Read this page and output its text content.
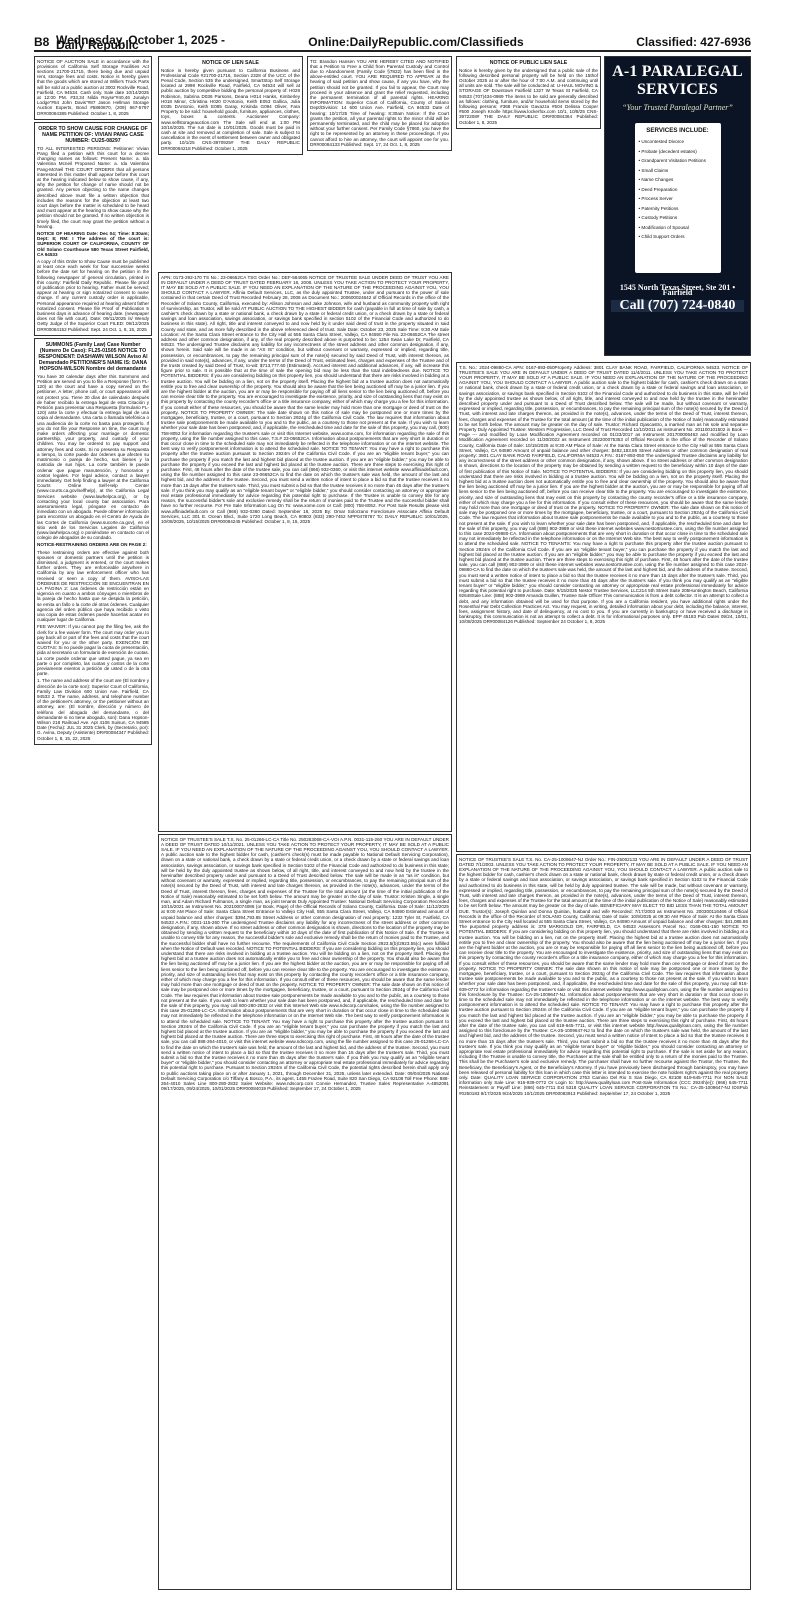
B8 Wednesday, October 1, 2025 - Daily Republic	Online:DailyRepublic.com/Classifieds	Classified: 427-6936

NOTICE OF AUCTION SALE in accordance with the provisions of California Self Storage Facilities Act sections 21700-21715, there being due and unpaid rent, storage fees and costs. Notice is hereby given that the goods which are stored at Willie's Truck Parts will be sold at a public auction at 3002 Rockville Road, Fairfield, CA 94534. Cash only. Sale date 10/14/2025 at 12:00 PM. #33,34 Nilda Royse"#40,46 Junalyn Lodge"#54 John Davis"#87 Jason Hellman Storage Auction Experts, Bond #5860870, (209) 667-5797 DR#00084385 Published: October 1, 8, 2025

ORDER TO SHOW CAUSE FOR CHANGE OF NAME PETITION OF: VIVIAN PANG CASE NUMBER: CU25-08297

TO ALL INTERESTED PERSONS: Petitioner: Vivian Pang filed a petition with this court for a decree changing names as follows: Present Name: a. Ida Valentina Mcneil Proposed Name: a. Ida Valentina Pang-McNeil THE COURT ORDERS that all persons interested in this matter shall appear before this court at the hearing indicated below to show cause, if any, why the petition for change of name should not be granted. Any person objecting to the name changes described above must file a written objection that includes the reasons for the objection at least two court days before the matter is scheduled to be heard and must appear at the hearing to show cause why the petition should not be granted. If no written objection is timely filed, the court may grant the petition without a hearing.

NOTICE OF HEARING Date: Dec 04; Time: 8:30am; Dept: 8; RM: I The address of the court is: SUPERIOR COURT OF CALIFORNIA, COUNTY OF Old Solano Courthouse 580 Texas Street Fairfield, CA 94533

A copy of this Order to Show Cause must be published at least once each week for four successive weeks before the date set for hearing on the petition in the following newspaper of general circulation, printed in this county: Fairfield Daily Republic. Please file proof of publication prior to hearing. Father must be served; appear at hearing or sign notarized consent to name change. If any current custody order is applicable, Personal appearance required at hearing absent father notarized consent. Please file Proof of Publication 5 business days in advance of hearing date. (newspaper does not file with court). Date: 09/11/2025 /s/ Wendy Getty Judge of the Superior Court FILED: 09/12/2025 DR#00084152 Published: Sept. 24 Oct. 1, 8, 15, 2025

SUMMONS (Family Law) Case Number (Numero De Caso): FL25-01505 NOTICE TO RESPONDENT: DASHAWN WILSON Aviso Al Demandado PETITIONER'S NAME IS: DANA HOPSON-WILSON Nombre del demandante

You have 30 calendar days after this Summons and Petition are served on you to file a Response (form FL-120) at the court and have a copy served on the petitioner. A letter, phone call, or court appearance will not protect you. Tiene 30 días de calendario después de haber recibido la entrega legal de esta Citación y Petición para presentar una Respuesta (formulario FL-120) ante la corte y efectuar la entrega legal de una copia al demandante. Una carta o llamada telefónica o una audiencia de la corte no basta para protegerlo. If you do not file your Response on time, the court may make orders affecting your marriage or domestic partnership, your property, and custody of your children. You may be ordered to pay support and attorney fees and costs. Si no presenta su Respuesta a tiempo, la corte puede dar órdenes que afecten su matrimonio o pareja de hecho, sus bienes y la custodia de sus hijos. La corte también le puede ordenar que pague manutención, y honorarios y costos legales. For legal advice, contact a lawyer immediately. Get help finding a lawyer at the California Courts Online Self-Help Center (www.courts.ca.gov/selfhelp), at the California Legal Services website (www.lawhelpca.org), or by contacting your local county bar association. Para asesoramiento legal, póngase en contacto de inmediato con un abogado. Puede obtener información para encontrar un abogado en el Centro de Ayuda de las Cortes de California (www.sucorte.ca.gov), en el sitio web de los Servicios Legales de California (www.lawhelpca.org) o poniéndose en contacto con el colegio de abogados de su condado.

NOTICE-RESTRAINING ORDERS ARE ON PAGE 2:

These restraining orders are effective against both spouses or domestic partners until the petition is dismissed, a judgment is entered, or the court makes further orders. They are enforceable anywhere in California by any law enforcement officer who has received or seen a copy of them. AVISO-LAS ÓRDENES DE RESTRICCIÓN SE ENCUENTRAN EN LA PÁGINA 2: Las órdenes de restricción están en vigencia en cuanto a ambos cónyuges o miembros de la pareja de hecho hasta que se despida la petición, se emita un fallo o la corte dé otras órdenes. Cualquier agencia del orden público que haya recibido o visto una copia de estas órdenes puede hacerlas acatar en cualquier lugar de California.

FEE WAIVER: If you cannot pay the filing fee, ask the clerk for a fee waiver form. The court may order you to pay back all or part of the fees and costs that the court waived for you or the other party. EXENCIÓN DE CUOTAS: Si no puede pagar la cuota de presentación, pida al secretario un formulario de exención de cuotas. La corte puede ordenar que usted pague, ya sea en parte o por completo, las cuotas y costos de la corte previamente exentos a petición de usted o de la otra parte.

1. The name and address of the court are (El nombre y dirección de la corte son): Superior Court of California, Family Law Division 600 Union Ave. Fairfield, CA 94533 2. The name, address, and telephone number of the petitioner's attorney, or the petitioner without an attorney, are: (El nombre, dirección y número de teléfono del abogado del demandante, o del demandante si no tiene abogado, son): Dana Hopson-Wilson 218 Railroad Ave. Apt 4106 Suisun, CA 94585 Date (Fecha): JUL 31 2025 Clerk, by (Secretario, por): G. Avina, Deputy (Asistente) DR#00084347 Published: October 1, 8, 15, 22, 2025

NOTICE OF LIEN SALE

Notice is hereby given pursuant to California Business and Professional Code #21700-21716, Section 2328 of the UCC of the Penal Code, Section 535 the undersigned, SmartStop Self Storage located at 2998 Rockville Road, Fairfield, CA 94534 will sell at public auction by competitive bidding the personal property of: H028 Robinson, Sabrina D036 Parsons, Deana H014 Hanks, Kimberley H018 Minor, Christina H020 D'Antonio, Keith E053 Gallica, Julia E035 DAntonio, Keith E085 Garay, Krisinda G094 Oliver, Fara Property to be sold: household goods, furniture, appliances, clothes, toys, boxes & contents. Auctioneer Company: www.selfstorageauction.com The Sale will end at 1:00 PM 10/16/2025. The run date is 10/01/2025. Goods must be paid in cash at site and removed at completion of sale. Sale is subject to cancellation in the event of settlement between owner and obligated party. 10/1/25 CNS-3970925# THE DAILY REPUBLIC DR#00084218 Published: October 1, 2025

TO: Brandon Hansen YOU ARE HEREBY CITED AND NOTIFIED that a Petition to Free a Child from Parental Custody and Control due to Abandonment (Family Code §7822) has been filed in the above-entitled court. YOU ARE REQUIRED TO APPEAR at the hearing of said petition and show cause, if any you have, why the petition should not be granted. If you fail to appear, the Court may proceed in your absence and grant the relief requested, including the permanent termination of all parental rights. HEARING INFORMATION: Superior Court of California, County of Solano Dept/Division: 14 600 Union Ave. Fairfield, CA 94533 Date of hearing: 10/17/25 Time of hearing: 8:30am Notice: If the Court grants the petition, all your parental rights to the minor child will be permanently terminated, and the child may be placed for adoption without your further consent. Per Family Code §7860, you have the right to be represented by an attorney in these proceedings. If you cannot afford to hire an attorney, the court will appoint one for you. DR#00084133 Published: Sept. 17, 24 Oct. 1, 8, 2025

NOTICE OF PUBLIC LIEN SALE

Notice is hereby given by the undersigned that a public sale of the following described personal property will be held on the 15thof October 2025 at or after the hour of 7:00 A.M. and continuing until all units are sold. The sale will be conducted at: U-HAUL MOVING & STORAGE OF Downtown Fairfield 1327 W Texas St Fairfield, CA 94533 (707)434-0989 The items to be sold are generally described as follows: clothing, furniture, and/or household items stored by the following persons: #368 Francis Gavazza #504 Delissa Cooper #500 Joseph Knolle https://www.lockerfox.com 10/1, 10/8/25 CNS-3972208# THE DAILY REPUBLIC DR#00084364 Published: October 1, 8, 2025

A-1 PARALEGAL SERVICES
“Your Trusted Paralegal Partner”
SERVICES INCLUDE:
• Uncontested Divorce
• Probate (decedent estates)
• Grandparent Visitation Petitions
• Small Claims
• Name Changes
• Deed Preparation
• Process Server
• Paternity Petitions
• Custody Petitions
• Modification of Spousal
• Child Support Orders
1545 North Texas Street, Ste 201 • Fairfield
Call (707) 724-0840

APN: 0173-292-170 TS No.: 23-06652CA TSG Order No.: DEF-584065 NOTICE OF TRUSTEE SALE UNDER DEED OF TRUST YOU ARE IN DEFAULT UNDER A DEED OF TRUST DATED FEBRUARY 16, 2006. UNLESS YOU TAKE ACTION TO PROTECT YOUR PROPERTY, IT MAY BE SOLD AT A PUBLIC SALE. IF YOU NEED AN EXPLANATION OF THE NATURE OF THE PROCEEDING AGAINST YOU, YOU SHOULD CONTACT A LAWYER. Affinia Default Services, LLC, as the duly appointed Trustee, under and pursuant to the power of sale contained in that certain Deed of Trust Recorded February 28, 2006 as Document No.: 200600024642 of Official Records in the office of the Recorder of Solano County, California, executed by: Allison Johnson and Jake Johnson, wife and husband as community property with right of survivorship, as Trustor, will be sold AT PUBLIC AUCTION TO THE HIGHEST BIDDER for cash (payable in full at time of sale by cash, a cashier's check drawn by a state or national bank, a check drawn by a state or federal credit union, or a check drawn by a state or federal savings and loan association, savings association, or savings bank specified in section 5102 of the Financial Code and authorized to do business in this state). All right, title and interest conveyed to and now held by it under said deed of trust in the property situated in said County and state, and as more fully described in the above referenced deed of trust. Sale Date: October 23, 2025 Sale Time: 9:30 AM Sale Location: At the Santa Clara Street entrance to the City Hall at 555 Santa Clara Street, Vallejo, CA 94590 File No.:23-06652CA The street address and other common designation, if any, of the real property described above is purported to be: 1254 Swan Lake Dr, Fairfield, CA 94533. The undersigned Trustee disclaims any liability for any incorrectness of the street address and other common designation, if any, shown herein. Said sale will be made in an "AS IS" condition, but without covenant or warranty, expressed or implied, regarding title, possession, or encumbrances, to pay the remaining principal sum of the note(s) secured by said Deed of Trust, with interest thereon, as provided in said note(s), advances, if any, under the terms of the Deed of Trust, estimated fees, charges and expenses of the Trustee and of the trusts created by said Deed of Trust, to-wit: $713,777.60 (Estimated). Accrued interest and additional advances, if any, will increase this figure prior to sale. It is possible that at the time of sale the opening bid may be less than the total indebtedness due. NOTICE TO POTENTIAL BIDDERS: If you are considering bidding on this property lien, you should understand that there are risks involved in bidding at a trustee auction. You will be bidding on a lien, not on the property itself. Placing the highest bid at a trustee auction does not automatically entitle you to free and clear ownership of the property. You should also be aware that the lien being auctioned off may be a junior lien. If you are the highest bidder at the auction, you are or may be responsible for paying off all liens senior to the lien being auctioned off, before you can receive clear title to the property. You are encouraged to investigate the existence, priority, and size of outstanding liens that may exist on this property by contacting the county recorder's office or a title insurance company, either of which may charge you a fee for this information. If you consult either of these resources, you should be aware that the same lender may hold more than one mortgage or deed of trust on the property. NOTICE TO PROPERTY OWNER: The sale date shown on this notice of sale may be postponed one or more times by the mortgagee, beneficiary, trustee, or a court, pursuant to Section 2924g of the California Civil Code. The law requires that information about trustee sale postponements be made available to you and to the public, as a courtesy to those not present at the sale. If you wish to learn whether your sale date has been postponed, and, if applicable, the rescheduled time and date for the sale of this property, you may call, (800) 758-8052 for information regarding the trustee's sale or visit this Internet website, www.xome.com, for information regarding the sale of this property, using the file number assigned to this case, T.S.# 23-06652CA. Information about postponements that are very short in duration or that occur close in time to the scheduled sale may not immediately be reflected in the telephone information or on the internet website. The best way to verify postponement information is to attend the scheduled sale. NOTICE TO TENANT: You may have a right to purchase this property after the trustee auction pursuant to Section 2924m of the California Civil Code. If you are an "eligible tenant buyer," you can purchase the property if you match the last and highest bid placed at the trustee auction. If you are an "eligible bidder," you may be able to purchase the property if you exceed the last and highest bid placed at the trustee auction. There are three steps to exercising this right of purchase. First, 48 hours after the date of the trustee sale, you can call (866) 932-0360, or visit this internet website www.affiniadefault.com, using the file number assigned to this case 23-06652CA to find the date on which the trustee's sale was held, the amount of the last and highest bid, and the address of the trustee. Second, you must send a written notice of intent to place a bid so that the trustee receives it no more than 15 days after the trustee's sale. Third, you must submit a bid so that the trustee receives it no more than 45 days after the trustee's sale. If you think you may qualify as an "eligible tenant buyer" or "eligible bidder," you should consider contacting an attorney or appropriate real estate professional immediately for advice regarding this potential right to purchase. If the Trustee is unable to convey title for any reason, the successful bidder's sole and exclusive remedy shall be the return of monies paid to the Trustee and the successful bidder shall have no further recourse. For Pre Sale Information Log On To: www.xome.com or Call: (800) 758-8052. For Post Sale Results please visit www.affiniadefault.com or Call (866) 932-0360 Dated: September 16, 2025 By: Omar Solorzano Foreclosure Associate Affinia Default Services, LLC 301 E. Ocean Blvd., Suite 1720 Long Beach, CA 90802 (833) 290-7452 NPP0478787 To: DAILY REPUBLIC 10/01/2025, 10/08/2025, 10/15/2025 DR#00084245 Published: October 1, 8, 15, 2025

NOTICE OF TRUSTEE'S SALE T.S. No. 25-01266-LC-CA Title No. 250263068-CA-VOI A.P.N. 0031-115-260 YOU ARE IN DEFAULT UNDER A DEED OF TRUST DATED 10/11/2021. UNLESS YOU TAKE ACTION TO PROTECT YOUR PROPERTY, IT MAY BE SOLD AT A PUBLIC SALE. IF YOU NEED AN EXPLANATION OF THE NATURE OF THE PROCEEDING AGAINST YOU, YOU SHOULD CONTACT A LAWYER. A public auction sale to the highest bidder for cash, (cashier's check(s) must be made payable to National Default Servicing Corporation), drawn on a state or national bank, a check drawn by a state or federal credit union, or a check drawn by a state or federal savings and loan association, savings association, or savings bank specified in Section 5102 of the Financial Code and authorized to do business in this state; will be held by the duly appointed trustee as shown below, of all right, title, and interest conveyed to and now held by the trustee in the hereinafter described property under and pursuant to a Deed of Trust described below. The sale will be made in an "as is" condition, but without covenant or warranty, expressed or implied, regarding title, possession, or encumbrances, to pay the remaining principal sum of the note(s) secured by the Deed of Trust, with interest and late charges thereon, as provided in the note(s), advances, under the terms of the Deed of Trust, interest thereon, fees, charges and expenses of the Trustee for the total amount (at the time of the initial publication of the Notice of Sale) reasonably estimated to be set forth below. The amount may be greater on the day of sale. Trustor: Kristen Single, a single man, and Adam Richard Fulmanos, a single man, as joint tenants Duly Appointed Trustee: National Default Servicing Corporation Recorded 10/15/2021 as Instrument No. 202100074086 (or Book, Page) of the Official Records of Solano County, California. Date of Sale: 11/12/2025 at 9:00 AM Place of Sale: Santa Clara Street Entrance to Vallejo City Hall, 555 Santa Clara Street, Vallejo, CA 94590 Estimated amount of unpaid balance and other charges: $394,793.65 Street Address or other common designation of real property: 1232 Tyler St, Fairfield, CA 94533 A.P.N.: 0031-115-260 The undersigned Trustee disclaims any liability for any incorrectness of the street address or other common designation, if any, shown above. If no street address or other common designation is shown, directions to the location of the property may be obtained by sending a written request to the beneficiary within 10 days of the date of first publication of this Notice of Sale. If the Trustee is unable to convey title for any reason, the successful bidder's sole and exclusive remedy shall be the return of monies paid to the Trustee, and the successful bidder shall have no further recourse. The requirements of California Civil Code Section 2923.5(b)/2923.55(c) were fulfilled when the Notice of Default was recorded. NOTICE TO POTENTIAL BIDDERS: If you are considering bidding on this property lien, you should understand that there are risks involved in bidding at a trustee auction. You will be bidding on a lien, not on the property itself. Placing the highest bid at a trustee auction does not automatically entitle you to free and clear ownership of the property. You should also be aware that the lien being auctioned off may be a junior lien. If you are the highest bidder at the auction, you are or may be responsible for paying off all liens senior to the lien being auctioned off, before you can receive clear title to the property. You are encouraged to investigate the existence, priority, and size of outstanding liens that may exist on this property by contacting the county recorder's office or a title insurance company, either of which may charge you a fee for this information. If you consult either of these resources, you should be aware that the same lender may hold more than one mortgage or deed of trust on the property. NOTICE TO PROPERTY OWNER: The sale date shown on this notice of sale may be postponed one or more times by the mortgagee, beneficiary, trustee, or a court, pursuant to Section 2924g of the California Civil Code. The law requires that information about trustee sale postponements be made available to you and to the public, as a courtesy to those not present at the sale. If you wish to learn whether your sale date has been postponed, and, if applicable, the rescheduled time and date for the sale of this property, you may call 800-280-2832 or visit this Internet Web site www.ndscorp.com/sales, using the file number assigned to this case 25-01266-LC-CA. Information about postponements that are very short in duration or that occur close in time to the scheduled sale may not immediately be reflected in the telephone information or on the Internet Web site. The best way to verify postponement information is to attend the scheduled sale. NOTICE TO TENANT: You may have a right to purchase this property after the trustee auction pursuant to Section 2924m of the California Civil Code. If you are an "eligible tenant buyer," you can purchase the property if you match the last and highest bid placed at the trustee auction. If you are an "eligible bidder," you may be able to purchase the property if you exceed the last and highest bid placed at the trustee auction. There are three steps to exercising this right of purchase. First, 48 hours after the date of the trustee sale, you can call 888-264-4010, or visit this internet website www.ndscorp.com, using the file number assigned to this case 25-01266-LC-CA to find the date on which the trustee's sale was held, the amount of the last and highest bid, and the address of the trustee. Second, you must send a written notice of intent to place a bid so that the trustee receives it no more than 15 days after the trustee's sale. Third, you must submit a bid so that the trustee receives it no more than 45 days after the trustee's sale. If you think you may qualify as an "eligible tenant buyer" or "eligible bidder," you should consider contacting an attorney or appropriate real estate professional immediately for advice regarding this potential right to purchase. Pursuant to Section 2924m of the California Civil Code, the potential rights described herein shall apply only to public auctions taking place on or after January 1, 2021, through December 31, 2025, unless later extended. Date: 09/04/2025 National Default Servicing Corporation c/o Tiffany & Bosco, P.A., its agent, 1455 Frazee Road, Suite 820 San Diego, CA 92108 Toll Free Phone: 888-264-4010 Sales Line 800-280-2832 Sales Website: www.ndscorp.com Connie Hernandez, Trustee Sales Representative A-4852091 09/17/2025, 09/24/2025, 10/01/2025 DR#00084019 Published: September 17, 24 October 1, 2025

T.S. No.: 2024-09880-CA APN: 0167-893-050Property Address: 3801 CLAY BANK ROAD, FAIRFIELD, CALIFORNIA 94533. NOTICE OF TRUSTEE'S SALE YOU ARE IN DEFAULT UNDER A DEED OF TRUST DATED 11/4/2011. UNLESS YOU TAKE ACTION TO PROTECT YOUR PROPERTY, IT MAY BE SOLD AT A PUBLIC SALE. IF YOU NEED AN EXPLANATION OF THE NATURE OF THE PROCEEDING AGAINST YOU, YOU SHOULD CONTACT A LAWYER. A public auction sale to the highest bidder for cash, cashier's check drawn on a state or national bank, check drawn by a state or federal credit union, or a check drawn by a state or federal savings and loan association, or savings association, or savings bank specified in Section 5102 of the Financial Code and authorized to do business in this state, will be held by the duly appointed trustee as shown below, of all right, title, and interest conveyed to and now held by the trustee in the hereinafter described property under and pursuant to a Deed of Trust described below. The sale will be made, but without covenant or warranty, expressed or implied, regarding title, possession, or encumbrances, to pay the remaining principal sum of the note(s) secured by the Deed of Trust, with interest and late charges thereon, as provided in the note(s), advances, under the terms of the Deed of Trust, interest thereon, fees, charges and expenses of the Trustee for the total amount (at the time of the initial publication of the Notice of Sale) reasonably estimated to be set forth below. The amount may be greater on the day of sale. Trustor: Richard Ojascastro, a married man as his sole and separate Property Duly Appointed Trustee: Western Progressive, LLC Deed of Trust Recorded 11/10/2011 as Instrument No. 201100101502 in Book --- Page --- and modified by Loan Modification Agreement recorded on 01/23/2017 as Instrument 201700006463 and modified by Loan Modification Agreement recorded on 11/30/2022 as Instrument 202200075353 of Official Records in the office of the Recorder of Solano County, California Date of Sale: 10/15/2025 at 9:30 AM Place of Sale: At the Santa Clara Street entrance to the City Hall at 555 Santa Clara Street, Vallejo, CA 94590 Amount of unpaid balance and other charges: $482,183.86 Street Address or other common designation of real property: 3801 CLAY BANK ROAD FAIRFIELD, CALIFORNIA 94533 A.P.N.: 0167-893-050 The undersigned Trustee disclaims any liability for any incorrectness of the street address or other common designation, if any, shown above. If no street address or other common designation is shown, directions to the location of the property may be obtained by sending a written request to the beneficiary within 10 days of the date of first publication of this Notice of Sale. NOTICE TO POTENTIAL BIDDERS: If you are considering bidding on this property lien, you should understand that there are risks involved in bidding at a trustee auction. You will be bidding on a lien, not on the property itself. Placing the highest bid at a trustee auction does not automatically entitle you to free and clear ownership of the property. You should also be aware that the lien being auctioned off may be a junior lien. If you are the highest bidder at the auction, you are or may be responsible for paying off all liens senior to the lien being auctioned off, before you can receive clear title to the property. You are encouraged to investigate the existence, priority, and size of outstanding liens that may exist on this property by contacting the county recorder's office or a title insurance company, either of which may charge you a fee for this information. If you consult either of these resources, you should be aware that the same lender may hold more than one mortgage or deed of trust on the property. NOTICE TO PROPERTY OWNER: The sale date shown on this notice of sale may be postponed one or more times by the mortgagee, beneficiary, trustee, or a court, pursuant to Section 2924g of the California Civil Code. The law requires that information about trustee sale postponements be made available to you and to the public, as a courtesy to those not present at the sale. If you wish to learn whether your sale date has been postponed, and, if applicable, the rescheduled time and date for the sale of this property, you may call (888) 902-3989 or visit these internet websites www.nestortrustee.com, using the file number assigned to this case 2024-09880-CA. Information about postponements that are very short in duration or that occur close in time to the scheduled sale may not immediately be reflected in the telephone information or on the Internet Web site. The best way to verify postponement information is to attend the scheduled sale. NOTICE TO TENANTS: You may have a right to purchase this property after the trustee auction pursuant to Section 2924m of the California Civil Code. If you are an "eligible tenant buyer," you can purchase the property if you match the last and highest bid placed at the trustee auction. If you are an "eligible bidder," you may be able to purchase the property if you exceed the last and highest bid placed at the trustee auction. There are three steps to exercising this right of purchase. First, 48 hours after the date of the trustee sale, you can call (888) 902-3989 or visit these internet websites www.nestortrustee.com, using the file number assigned to this case 2024-09880-CA to find the date on which the trustee's sale was held, the amount of the last and highest bid, and the address of the trustee. Second, you must send a written notice of intent to place a bid so that the trustee receives it no more than 15 days after the trustee's sale. Third, you must submit a bid so that the trustee receives it no more than 45 days after the trustee's sale. If you think you may qualify as an "eligible tenant buyer" or "eligible bidder," you should consider contacting an attorney or appropriate real estate professional immediately for advice regarding this potential right to purchase. Date: 9/15/2025 Nestor Trustee Services, LLC214 5th Street Suite 205Huntington Beach, California 92648Sale Line: (888) 902-3989 Amanda Guillen, Trustee Sale Officer This communication is from a debt collector. It is an attempt to collect a debt, and any information obtained will be used for that purpose. If you are a California resident, you have additional rights under the Rosenthal Fair Debt Collection Practices Act. You may request, in writing, detailed information about your debt, including the balance, interest, fees, assignment history, and date of delinquency, at no cost to you. If you are currently in bankruptcy or have received a discharge in bankruptcy, this communication is not an attempt to collect a debt. It is for informational purposes only. EPP 45183 Pub Dates 09/24, 10/01, 10/08/2025 DR#00084126 Published: September 24 October 1, 8, 2025

NOTICE OF TRUSTEE'S SALE T.S. No. CA-25-1009647-NJ Order No.: FIN-25002133 YOU ARE IN DEFAULT UNDER A DEED OF TRUST DATED 7/1/2003. UNLESS YOU TAKE ACTION TO PROTECT YOUR PROPERTY, IT MAY BE SOLD AT A PUBLIC SALE. IF YOU NEED AN EXPLANATION OF THE NATURE OF THE PROCEEDING AGAINST YOU, YOU SHOULD CONTACT A LAWYER. A public auction sale to the highest bidder for cash, cashier's check drawn on a state or national bank, check drawn by state or federal credit union, or a check drawn by a state or federal savings and loan association, or savings association, or savings bank specified in Section 5102 to the Financial Code and authorized to do business in this state, will be held by duly appointed trustee. The sale will be made, but without covenant or warranty, expressed or implied, regarding title, possession, or encumbrances, to pay the remaining principal sum of the note(s) secured by the Deed of Trust, with interest and late charges thereon, as provided in the note(s), advances, under the terms of the Deed of Trust, interest thereon, fees, charges and expenses of the Trustee for the total amount (at the time of the initial publication of the Notice of Sale) reasonably estimated to be set forth below. The amount may be greater on the day of sale. BENEFICIARY MAY ELECT TO BID LESS THAN THE TOTAL AMOUNT DUE. Trustor(s): Joseph Quinlan and Donna Quinlan, husband and wife Recorded: 7/17/2003 as Instrument No. 200300116466 of Official Records in the office of the Recorder of SOLANO County, California; Date of Sale: 10/9/2025 at 09:30 AM Place of Sale: At the Santa Clara Street entrance to the City Hall located at 555 Santa Clara Street, Vallejo, CA 94590 Amount of unpaid balance and other charges: $41,085.86 The purported property address is: 378 MARIGOLD DR, FAIRFIELD, CA 94533 Assessor's Parcel No.: 0168-051-150 NOTICE TO POTENTIAL BIDDERS: If you are considering bidding on this property lien, you should understand that there are risks involved in bidding at a trustee auction. You will be bidding on a lien, not on the property itself. Placing the highest bid at a trustee auction does not automatically entitle you to free and clear ownership of the property. You should also be aware that the lien being auctioned off may be a junior lien. If you are the highest bidder at the auction, you are or may be responsible for paying off all liens senior to the lien being auctioned off, before you can receive clear title to the property. You are encouraged to investigate the existence, priority, and size of outstanding liens that may exist on this property by contacting the county recorder's office or a title insurance company, either of which may charge you a fee for this information. If you consult either of these resources, you should be aware that the same lender may hold more than one mortgage or deed of trust on the property. NOTICE TO PROPERTY OWNER: The sale date shown on this notice of sale may be postponed one or more times by the mortgagee, beneficiary, trustee, or a court, pursuant to Section 2924g of the California Civil Code. The law requires that information about trustee sale postponements be made available to you and to the public, as a courtesy to those not present at the sale. If you wish to learn whether your sale date has been postponed, and, if applicable, the rescheduled time and date for the sale of this property, you may call 916-939-0772 for information regarding the trustee's sale or visit this internet website http://www.qualityloan.com, using the file number assigned to this foreclosure by the Trustee: CA-25-1009647-NJ. Information about postponements that are very short in duration or that occur close in time to the scheduled sale may not immediately be reflected in the telephone information or on the internet website. The best way to verify postponement information is to attend the scheduled sale. NOTICE TO TENANT: You may have a right to purchase this property after the trustee auction pursuant to Section 2924m of the California Civil Code. If you are an "eligible tenant buyer," you can purchase the property if you match the last and highest bid placed at the trustee auction. If you are an "eligible bidder," you may be able to purchase the property if you exceed the last and highest bid placed at the trustee auction. There are three steps to exercising this right of purchase. First, 48 hours after the date of the trustee sale, you can call 619-645-7711, or visit this internet website http://www.qualityloan.com, using the file number assigned to this foreclosure by the Trustee: CA-25-1009647-NJ to find the date on which the trustee's sale was held, the amount of the last and highest bid, and the address of the trustee. Second, you must send a written notice of intent to place a bid so that the trustee receives it no more than 15 days after the trustee's sale. Third, you must submit a bid so that the trustee receives it no more than 45 days after the trustee's sale. If you think you may qualify as an "eligible tenant buyer" or "eligible bidder," you should consider contacting an attorney or appropriate real estate professional immediately for advice regarding this potential right to purchase. If the sale is set aside for any reason, including if the Trustee is unable to convey title, the Purchaser at the sale shall be entitled only to a return of the monies paid to the Trustee. This shall be the Purchaser's sole and exclusive remedy. The purchaser shall have no further recourse against the Trustor, the Trustee, the Beneficiary, the Beneficiary's Agent, or the Beneficiary's Attorney. If you have previously been discharged through bankruptcy, you may have been released of personal liability for this loan in which case this letter is intended to exercise the note holders right's against the real property only. Date: QUALITY LOAN SERVICE CORPORATION 2763 Camino Del Rio S San Diego, CA 92108 619-645-7711 For NON SALE information only Sale Line: 916-939-0772 Or Login to: http://www.qualityloan.com Post-Sale Information (CCC 2924h(e)): (866) 645-7711 Reinstatement or Payoff Line: (866) 645-7711 Ext 5318 QUALITY LOAN SERVICE CORPORATION TS No.: CA-25-1009647-NJ IDSPub #0250183 9/17/2025 9/24/2025 10/1/2025 DR#00083913 Published: September 17, 24 October 1, 2025
